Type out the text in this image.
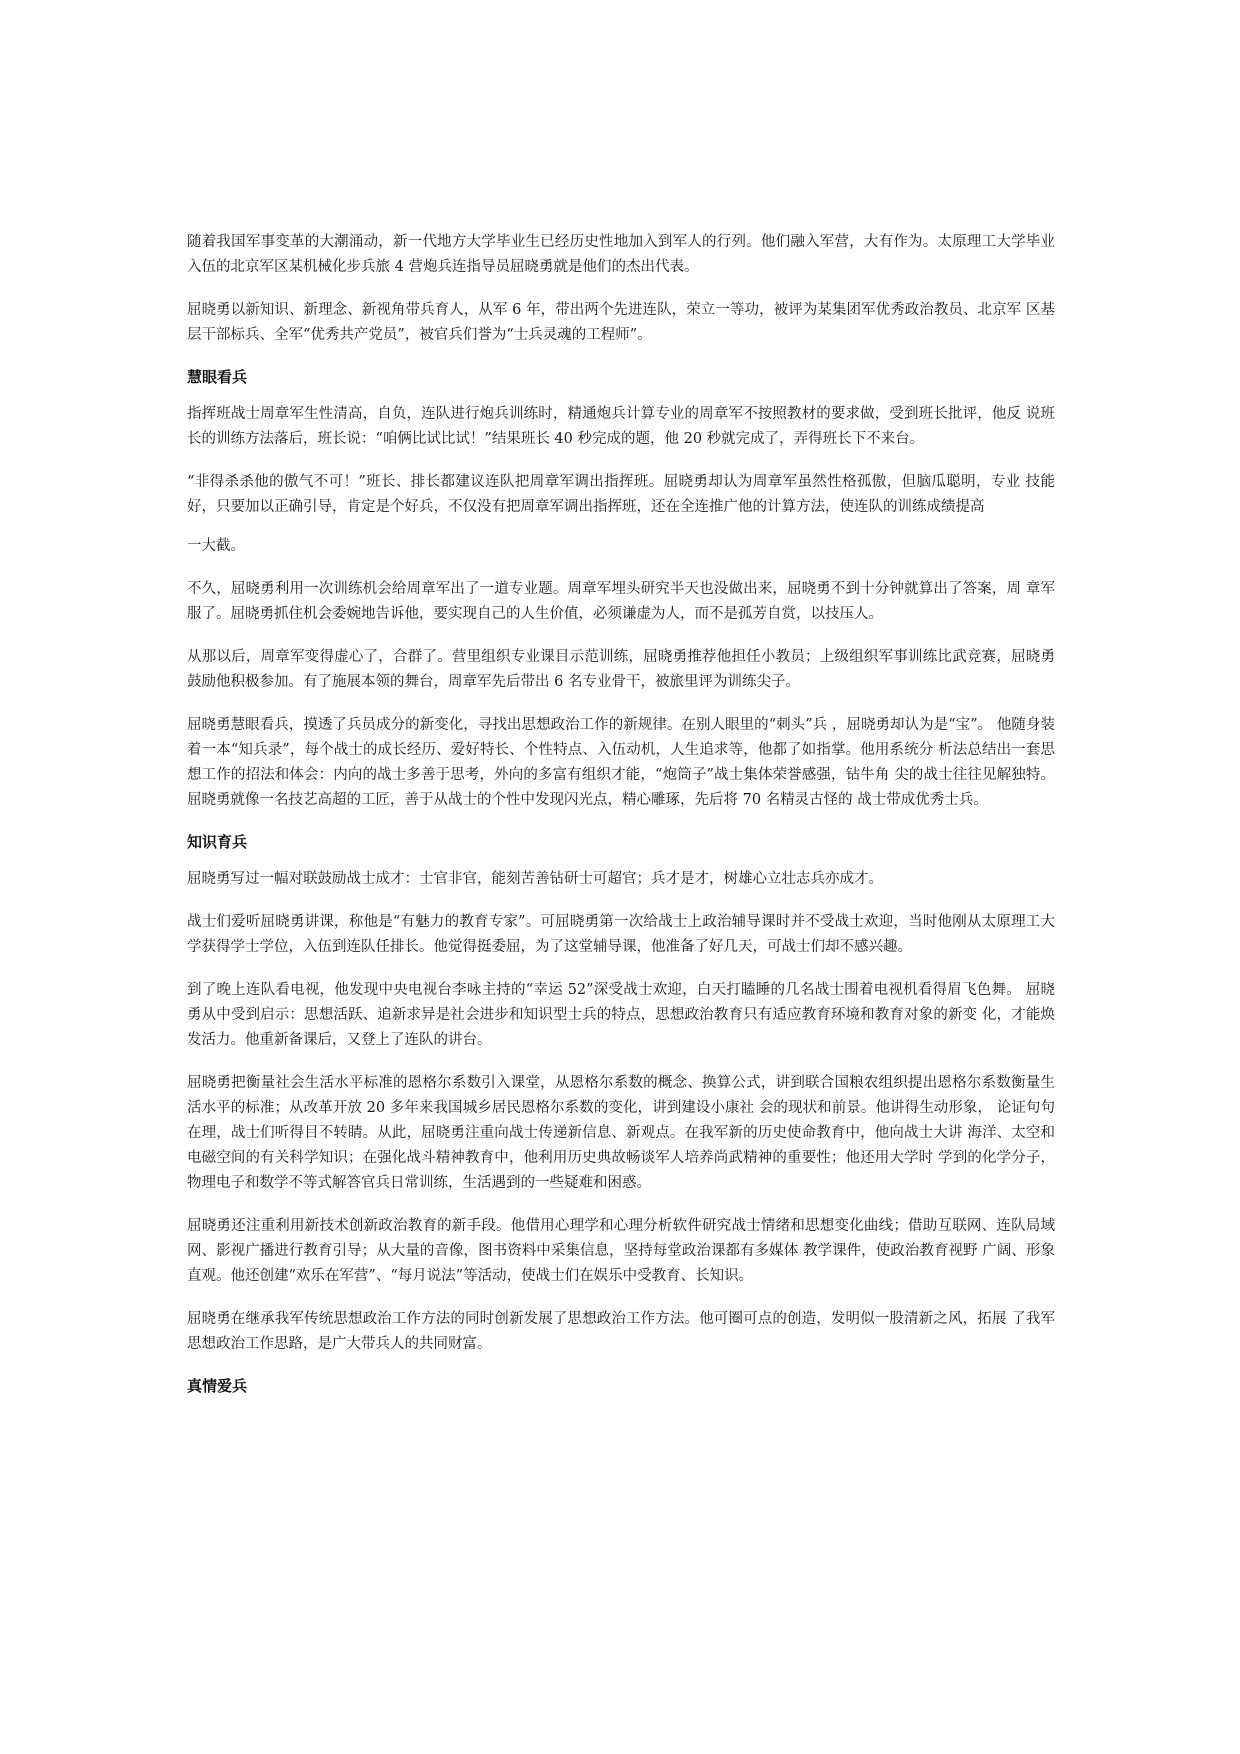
随着我国军事变革的大潮涌动，新一代地方大学毕业生已经历史性地加入到军人的行列。他们融入军营，大有作为。太原理工大学毕业入伍的北京军区某机械化步兵旅 4 营炮兵连指导员屈晓勇就是他们的杰出代表。

屈晓勇以新知识、新理念、新视角带兵育人，从军 6 年，带出两个先进连队，荣立一等功，被评为某集团军优秀政治教员、北京军 区基层干部标兵、全军“优秀共产党员”，被官兵们誉为“士兵灵魂的工程师”。

慧眼看兵

指挥班战士周章军生性清高，自负，连队进行炮兵训练时，精通炮兵计算专业的周章军不按照教材的要求做，受到班长批评，他反 说班长的训练方法落后，班长说：“咱俩比试比试！”结果班长 40 秒完成的题，他 20 秒就完成了，弄得班长下不来台。

“非得杀杀他的傲气不可！”班长、排长都建议连队把周章军调出指挥班。屈晓勇却认为周章军虽然性格孤傲，但脑瓜聪明，专业 技能好，只要加以正确引导，肯定是个好兵，不仅没有把周章军调出指挥班，还在全连推广他的计算方法，使连队的训练成绩提高

一大截。

不久，屈晓勇利用一次训练机会给周章军出了一道专业题。周章军埋头研究半天也没做出来，屈晓勇不到十分钟就算出了答案，周 章军服了。屈晓勇抓住机会委婉地告诉他，要实现自己的人生价值，必须谦虚为人，而不是孤芳自赏，以技压人。

从那以后，周章军变得虚心了，合群了。营里组织专业课目示范训练，屈晓勇推荐他担任小教员；上级组织军事训练比武竞赛，屈晓勇鼓励他积极参加。有了施展本领的舞台，周章军先后带出 6 名专业骨干，被旅里评为训练尖子。

屈晓勇慧眼看兵，摸透了兵员成分的新变化，寻找出思想政治工作的新规律。在别人眼里的“刺头”兵 ，屈晓勇却认为是“宝”。 他随身装着一本“知兵录”，每个战士的成长经历、爱好特长、个性特点、入伍动机，人生追求等，他都了如指掌。他用系统分 析法总结出一套思想工作的招法和体会：内向的战士多善于思考，外向的多富有组织才能，“炮筒子”战士集体荣誉感强，钻牛角 尖的战士往往见解独特。屈晓勇就像一名技艺高超的工匠，善于从战士的个性中发现闪光点，精心雕琢，先后将 70 名精灵古怪的 战士带成优秀士兵。

知识育兵

屈晓勇写过一幅对联鼓励战士成才：士官非官，能刻苦善钻研士可超官；兵才是才，树雄心立壮志兵亦成才。

战士们爱听屈晓勇讲课，称他是“有魅力的教育专家”。可屈晓勇第一次给战士上政治辅导课时并不受战士欢迎，当时他刚从太原理工大学获得学士学位，入伍到连队任排长。他觉得挺委屈，为了这堂辅导课，他准备了好几天，可战士们却不感兴趣。

到了晚上连队看电视，他发现中央电视台李咏主持的“幸运 52”深受战士欢迎，白天打瞌睡的几名战士围着电视机看得眉飞色舞。 屈晓勇从中受到启示：思想活跃、追新求异是社会进步和知识型士兵的特点，思想政治教育只有适应教育环境和教育对象的新变 化，才能焕发活力。他重新备课后，又登上了连队的讲台。

屈晓勇把衡量社会生活水平标准的恩格尔系数引入课堂，从恩格尔系数的概念、换算公式，讲到联合国粮农组织提出恩格尔系数衡量生活水平的标准；从改革开放 20 多年来我国城乡居民恩格尔系数的变化，讲到建设小康社 会的现状和前景。他讲得生动形象， 论证句句在理，战士们听得目不转睛。从此，屈晓勇注重向战士传递新信息、新观点。在我军新的历史使命教育中，他向战士大讲 海洋、太空和电磁空间的有关科学知识；在强化战斗精神教育中，他利用历史典故畅谈军人培养尚武精神的重要性；他还用大学时 学到的化学分子，物理电子和数学不等式解答官兵日常训练，生活遇到的一些疑难和困惑。

屈晓勇还注重利用新技术创新政治教育的新手段。他借用心理学和心理分析软件研究战士情绪和思想变化曲线；借助互联网、连队局域网、影视广播进行教育引导；从大量的音像，图书资料中采集信息，坚持每堂政治课都有多媒体 教学课件，使政治教育视野 广阔、形象直观。他还创建“欢乐在军营”、“每月说法”等活动，使战士们在娱乐中受教育、长知识。

屈晓勇在继承我军传统思想政治工作方法的同时创新发展了思想政治工作方法。他可圈可点的创造，发明似一股清新之风，拓展 了我军思想政治工作思路，是广大带兵人的共同财富。

真情爱兵
